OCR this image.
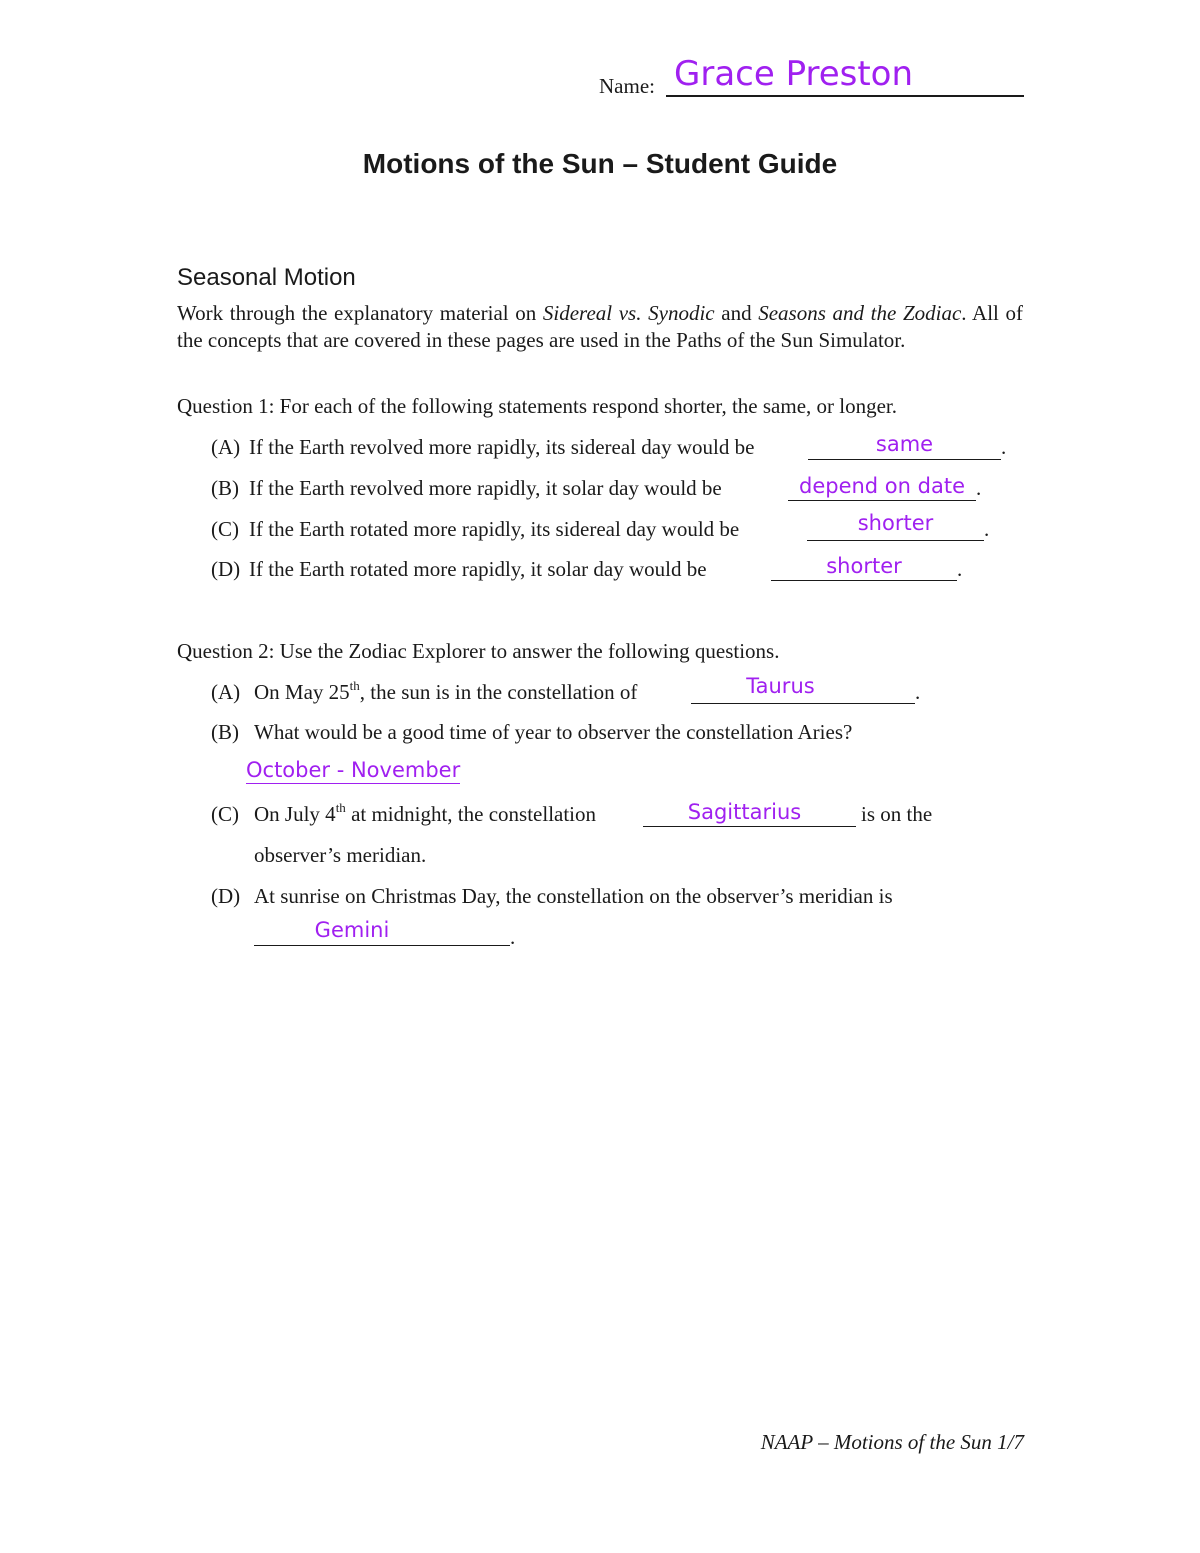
Name: Grace Preston
Motions of the Sun – Student Guide
Seasonal Motion
Work through the explanatory material on Sidereal vs. Synodic and Seasons and the Zodiac. All of the concepts that are covered in these pages are used in the Paths of the Sun Simulator.
Question 1: For each of the following statements respond shorter, the same, or longer.
(A) If the Earth revolved more rapidly, its sidereal day would be	same	.
(B) If the Earth revolved more rapidly, it solar day would be	depend on date .
(C) If the Earth rotated more rapidly, its sidereal day would be	shorter	.
(D) If the Earth rotated more rapidly, it solar day would be	shorter	.
Question 2: Use the Zodiac Explorer to answer the following questions.
(A) On May 25th, the sun is in the constellation of	Taurus	.
(B) What would be a good time of year to observer the constellation Aries?
October - November
(C) On July 4th at midnight, the constellation	Sagittarius	is on the
observer’s meridian.
(D) At sunrise on Christmas Day, the constellation on the observer’s meridian is
Gemini	.
NAAP – Motions of the Sun 1/7
